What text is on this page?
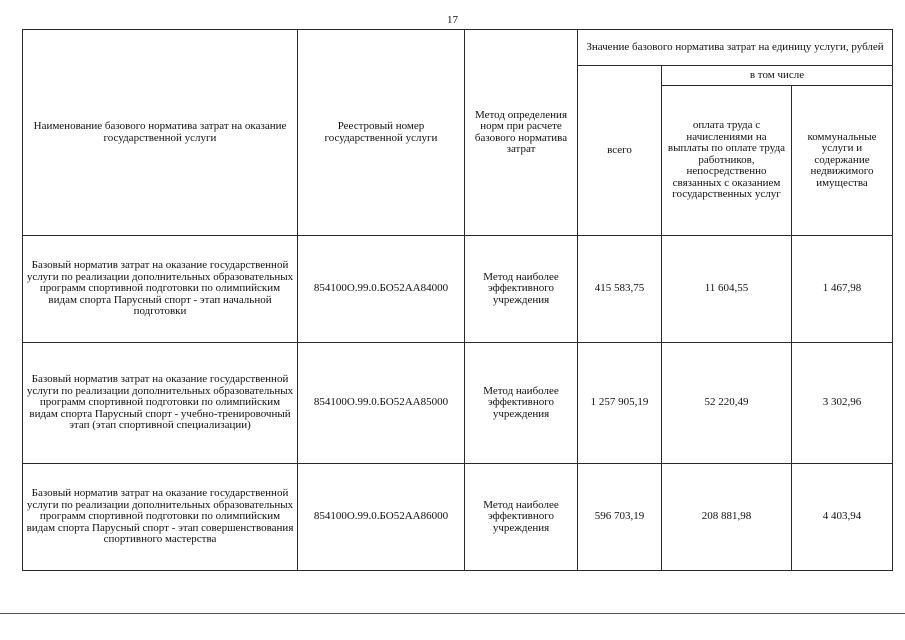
17
Наименование базового норматива затрат на оказание государственной услуги	Реестровый номер государственной услуги	Метод определения норм при расчете базового норматива затрат	Значение базового норматива затрат на единицу услуги, рублей		
			всего	в том числе	
				оплата труда с начислениями на выплаты по оплате труда работников, непосредственно связанных с оказанием государственных услуг	коммунальные услуги и содержание недвижимого имущества
Базовый норматив затрат на оказание государственной услуги по реализации дополнительных образовательных программ спортивной подготовки по олимпийским видам спорта Парусный спорт - этап начальной подготовки	854100О.99.0.БО52АА84000	Метод наиболее эффективного учреждения	415 583,75	11 604,55	1 467,98
Базовый норматив затрат на оказание государственной услуги по реализации дополнительных образовательных программ спортивной подготовки по олимпийским видам спорта Парусный спорт - учебно-тренировочный этап (этап спортивной специализации)	854100О.99.0.БО52АА85000	Метод наиболее эффективного учреждения	1 257 905,19	52 220,49	3 302,96
Базовый норматив затрат на оказание государственной услуги по реализации дополнительных образовательных программ спортивной подготовки по олимпийским видам спорта Парусный спорт - этап совершенствования спортивного мастерства	854100О.99.0.БО52АА86000	Метод наиболее эффективного учреждения	596 703,19	208 881,98	4 403,94
